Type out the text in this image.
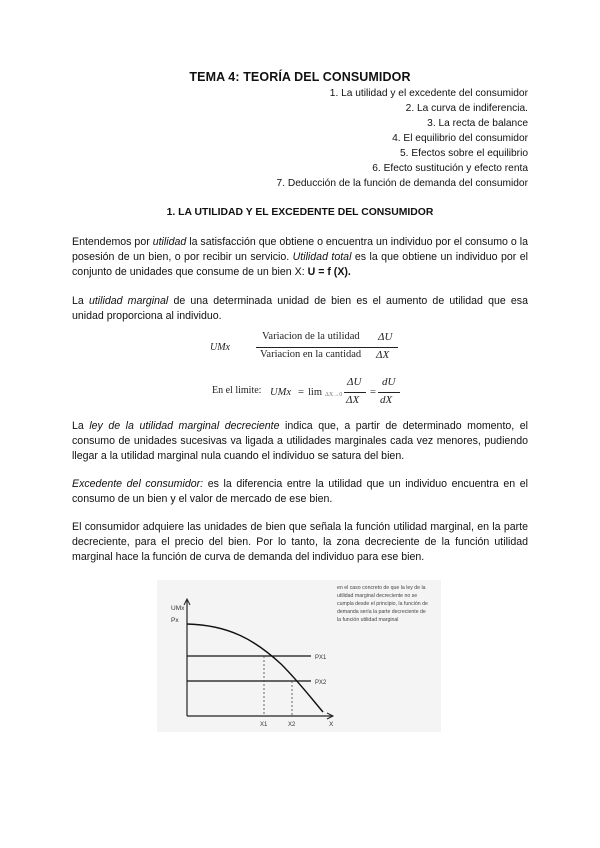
TEMA 4: TEORÍA DEL CONSUMIDOR
1. La utilidad y el excedente del consumidor
2. La curva de indiferencia.
3. La recta de balance
4. El equilibrio del consumidor
5. Efectos sobre el equilibrio
6. Efecto sustitución y efecto renta
7. Deducción de la función de demanda del consumidor
1. LA UTILIDAD Y EL EXCEDENTE DEL CONSUMIDOR
Entendemos por utilidad la satisfacción que obtiene o encuentra un individuo por el consumo o la posesión de un bien, o por recibir un servicio. Utilidad total es la que obtiene un individuo por el conjunto de unidades que consume de un bien X: U = f (X).
La utilidad marginal de una determinada unidad de bien es el aumento de utilidad que esa unidad proporciona al individuo.
UMx
Variacion de la utilidad
Variacion en la cantidad
ΔU
ΔX
En el limite: UMx = lim ΔX→0
ΔU
ΔX
=
dU
dX
La ley de la utilidad marginal decreciente indica que, a partir de determinado momento, el consumo de unidades sucesivas va ligada a utilidades marginales cada vez menores, pudiendo llegar a la utilidad marginal nula cuando el individuo se satura del bien.
Excedente del consumidor: es la diferencia entre la utilidad que un individuo encuentra en el consumo de un bien y el valor de mercado de ese bien.
El consumidor adquiere las unidades de bien que señala la función utilidad marginal, en la parte decreciente, para el precio del bien. Por lo tanto, la zona decreciente de la función utilidad marginal hace la función de curva de demanda del individuo para ese bien.
UMx
Px
PX1
PX2
X1	X2	X
en el caso concreto de que la ley de la
utilidad marginal decreciente no se
cumpla desde el principio, la función de
demanda sería la parte decreciente de
la función utilidad marginal
